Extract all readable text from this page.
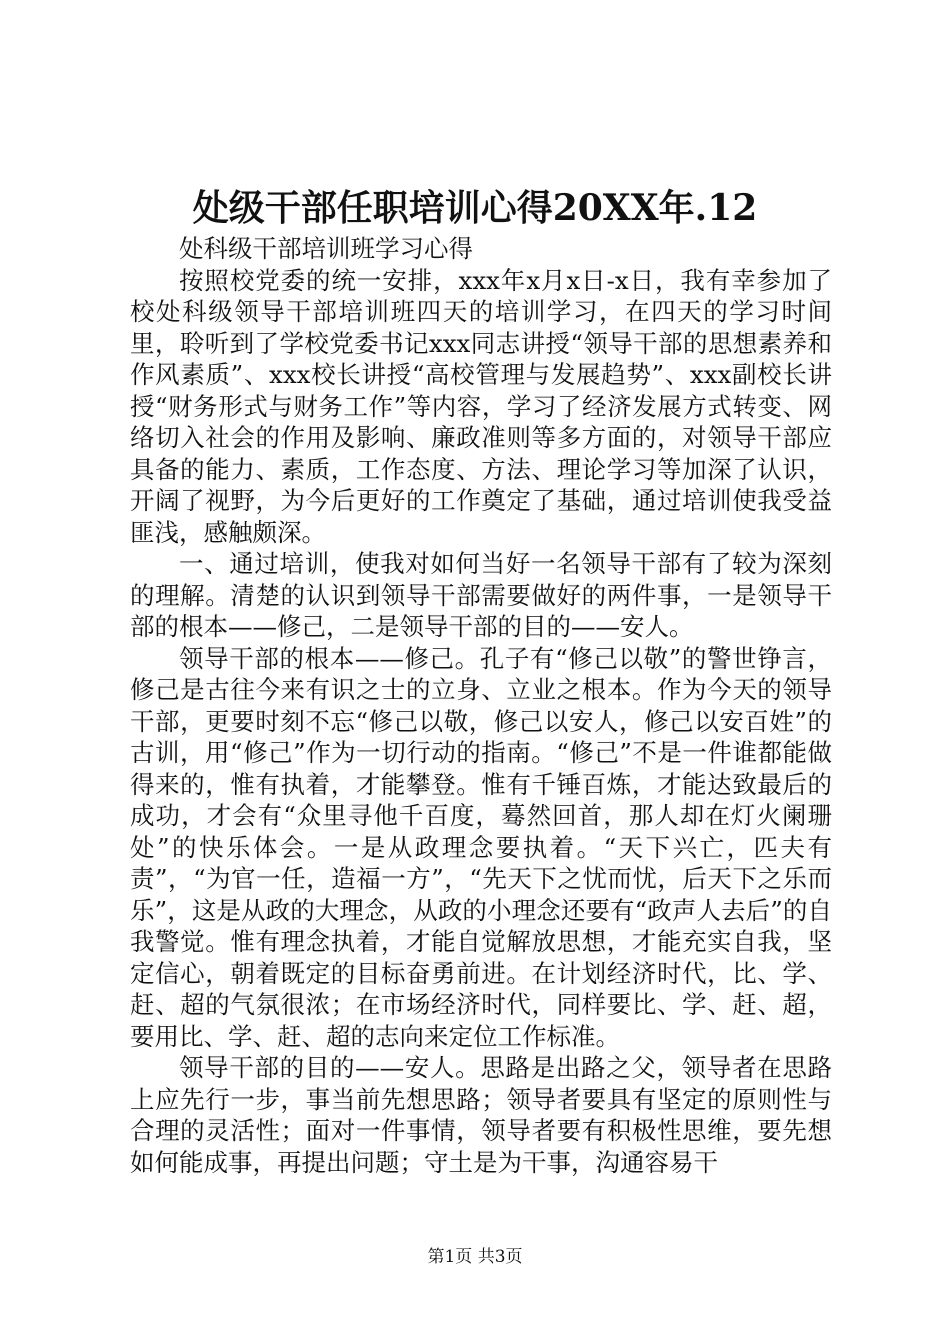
处级干部任职培训心得20XX年.12

处科级干部培训班学习心得

按照校党委的统一安排，xxx年x月x日-x日，我有幸参加了校处科级领导干部培训班四天的培训学习，在四天的学习时间里，聆听到了学校党委书记xxx同志讲授“领导干部的思想素养和作风素质”、xxx校长讲授“高校管理与发展趋势”、xxx副校长讲授“财务形式与财务工作”等内容，学习了经济发展方式转变、网络切入社会的作用及影响、廉政准则等多方面的，对领导干部应具备的能力、素质，工作态度、方法、理论学习等加深了认识，开阔了视野，为今后更好的工作奠定了基础，通过培训使我受益匪浅，感触颇深。

一、通过培训，使我对如何当好一名领导干部有了较为深刻的理解。清楚的认识到领导干部需要做好的两件事，一是领导干部的根本——修己，二是领导干部的目的——安人。

领导干部的根本——修己。孔子有“修己以敬”的警世铮言，修己是古往今来有识之士的立身、立业之根本。作为今天的领导干部，更要时刻不忘“修己以敬，修己以安人，修己以安百姓”的古训，用“修己”作为一切行动的指南。“修己”不是一件谁都能做得来的，惟有执着，才能攀登。惟有千锤百炼，才能达致最后的成功，才会有“众里寻他千百度，蓦然回首，那人却在灯火阑珊处”的快乐体会。一是从政理念要执着。“天下兴亡，匹夫有责”，“为官一任，造福一方”，“先天下之忧而忧，后天下之乐而乐”，这是从政的大理念，从政的小理念还要有“政声人去后”的自我警觉。惟有理念执着，才能自觉解放思想，才能充实自我，坚定信心，朝着既定的目标奋勇前进。在计划经济时代，比、学、赶、超的气氛很浓；在市场经济时代，同样要比、学、赶、超，要用比、学、赶、超的志向来定位工作标准。

领导干部的目的——安人。思路是出路之父，领导者在思路上应先行一步，事当前先想思路；领导者要具有坚定的原则性与合理的灵活性；面对一件事情，领导者要有积极性思维，要先想如何能成事，再提出问题；守土是为干事，沟通容易干

第1页 共3页
